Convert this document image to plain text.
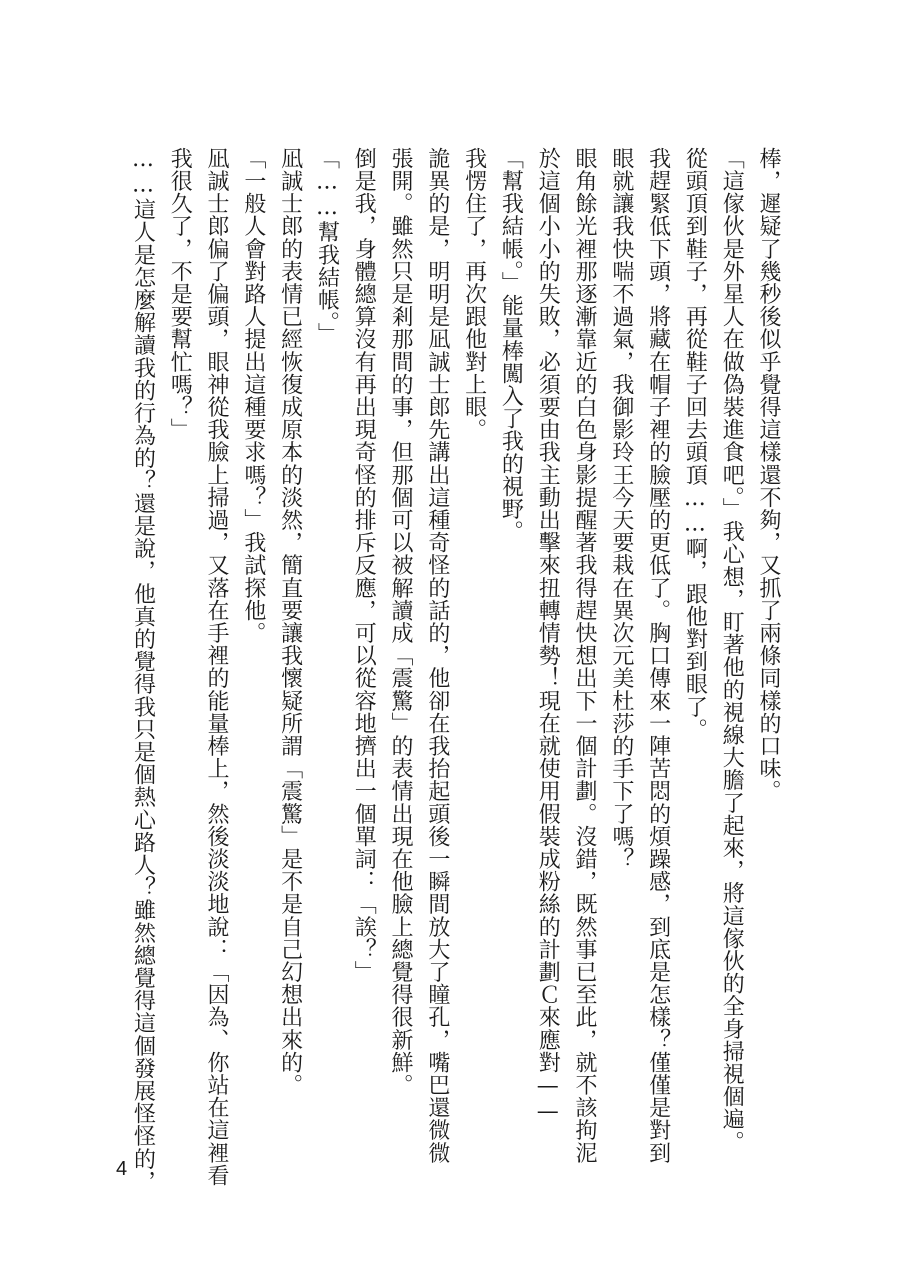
棒，遲疑了幾秒後似乎覺得這樣還不夠，又抓了兩條同樣的口味。

「這傢伙是外星人在做偽裝進食吧。」我心想，盯著他的視線大膽了起來，將這傢伙的全身掃視個遍。

從頭頂到鞋子，再從鞋子回去頭頂……啊，跟他對到眼了。

我趕緊低下頭，將藏在帽子裡的臉壓的更低了。胸口傳來一陣苦悶的煩躁感，到底是怎樣？僅僅是對到

眼就讓我快喘不過氣，我御影玲王今天要栽在異次元美杜莎的手下了嗎？

眼角餘光裡那逐漸靠近的白色身影提醒著我得趕快想出下一個計劃。沒錯，既然事已至此，就不該拘泥

於這個小小的失敗，必須要由我主動出擊來扭轉情勢！現在就使用假裝成粉絲的計劃Ｃ來應對——

「幫我結帳。」能量棒闖入了我的視野。

我愣住了，再次跟他對上眼。

詭異的是，明明是凪誠士郎先講出這種奇怪的話的，他卻在我抬起頭後一瞬間放大了瞳孔，嘴巴還微微

張開。雖然只是剎那間的事，但那個可以被解讀成「震驚」的表情出現在他臉上總覺得很新鮮。

倒是我，身體總算沒有再出現奇怪的排斥反應，可以從容地擠出一個單詞：「誒？」

「……幫我結帳。」

凪誠士郎的表情已經恢復成原本的淡然，簡直要讓我懷疑所謂「震驚」是不是自己幻想出來的。

「一般人會對路人提出這種要求嗎？」我試探他。

凪誠士郎偏了偏頭，眼神從我臉上掃過，又落在手裡的能量棒上，然後淡淡地說：「因為、你站在這裡看

我很久了，不是要幫忙嗎？」

……這人是怎麼解讀我的行為的？還是說，他真的覺得我只是個熱心路人？雖然總覺得這個發展怪怪的，

4
